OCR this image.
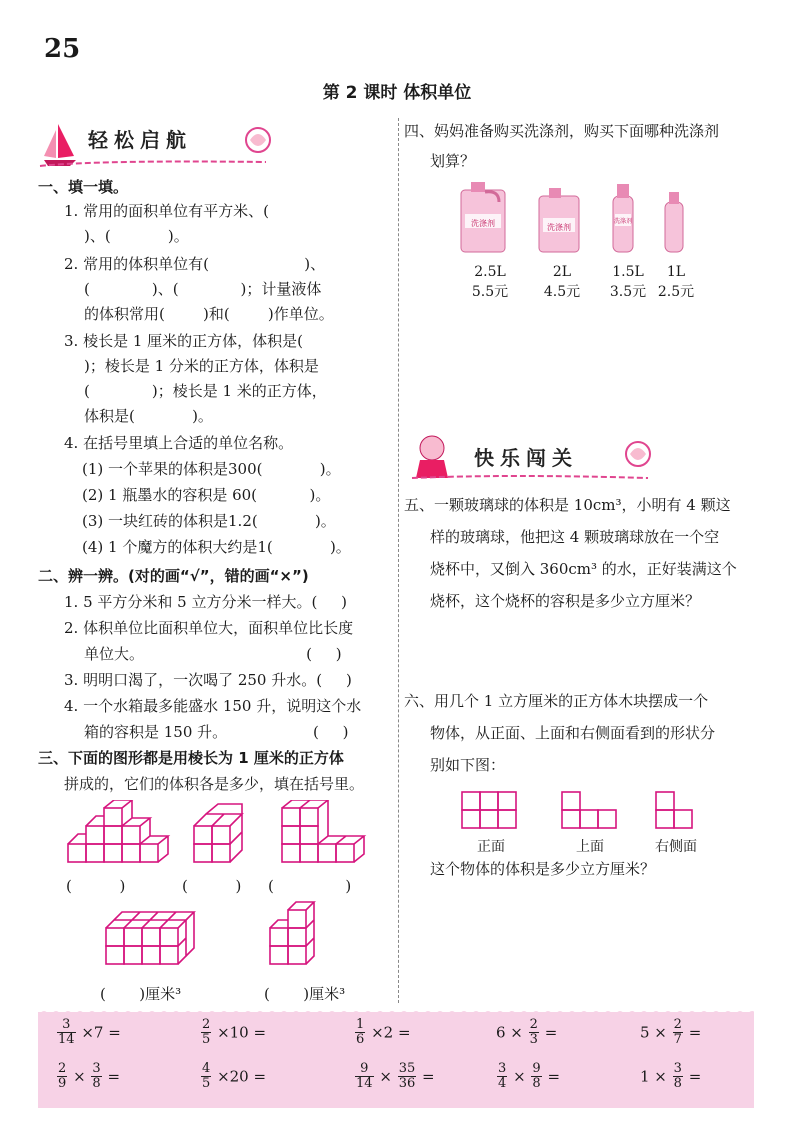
25
第 2 课时 体积单位
轻松启航
一、填一填。
1. 常用的面积单位有平方米、(
)、(            )。
2. 常用的体积单位有(                    )、
(             )、(             )；计量液体
的体积常用(        )和(        )作单位。
3. 棱长是 1 厘米的正方体，体积是(
)；棱长是 1 分米的正方体，体积是
(             )；棱长是 1 米的正方体，
体积是(            )。
4. 在括号里填上合适的单位名称。
(1) 一个苹果的体积是300(            )。
(2) 1 瓶墨水的容积是 60(           )。
(3) 一块红砖的体积是1.2(            )。
(4) 1 个魔方的体积大约是1(            )。
二、辨一辨。(对的画“√”，错的画“×”)
1. 5 平方分米和 5 立方分米一样大。(     )
2. 体积单位比面积单位大，面积单位比长度
单位大。                                  (     )
3. 明明口渴了，一次喝了 250 升水。(     )
4. 一个水箱最多能盛水 150 升，说明这个水
箱的容积是 150 升。                  (     )
三、下面的图形都是用棱长为 1 厘米的正方体
拼成的，它们的体积各是多少，填在括号里。
(          )	(          ) (               )
(       )厘米³	(       )厘米³
四、妈妈准备购买洗涤剂，购买下面哪种洗涤剂
划算？
洗涤剂	洗涤剂
洗涤剂
2.5L
5.5元
2L
4.5元
1.5L
3.5元
1L
2.5元
快乐闯关
五、一颗玻璃球的体积是 10cm³，小明有 4 颗这
样的玻璃球，他把这 4 颗玻璃球放在一个空
烧杯中，又倒入 360cm³ 的水，正好装满这个
烧杯，这个烧杯的容积是多少立方厘米？
六、用几个 1 立方厘米的正方体木块摆成一个
物体，从正面、上面和右侧面看到的形状分
别如下图：
正面	上面	右侧面
这个物体的体积是多少立方厘米？
$\frac{3}{14} \times 7$ =	$\frac{2}{5} \times 10$ =	$\frac{1}{6} \times 2$ =	$6 \times \frac{2}{3}$ =	$5 \times \frac{2}{7}$ =
$\frac{2}{9} \times \frac{3}{8}$ =	$\frac{4}{5} \times 20$ =	$\frac{9}{14} \times \frac{35}{36}$ =	$\frac{3}{4} \times \frac{9}{8}$ =	$1 \times \frac{3}{8}$ =
